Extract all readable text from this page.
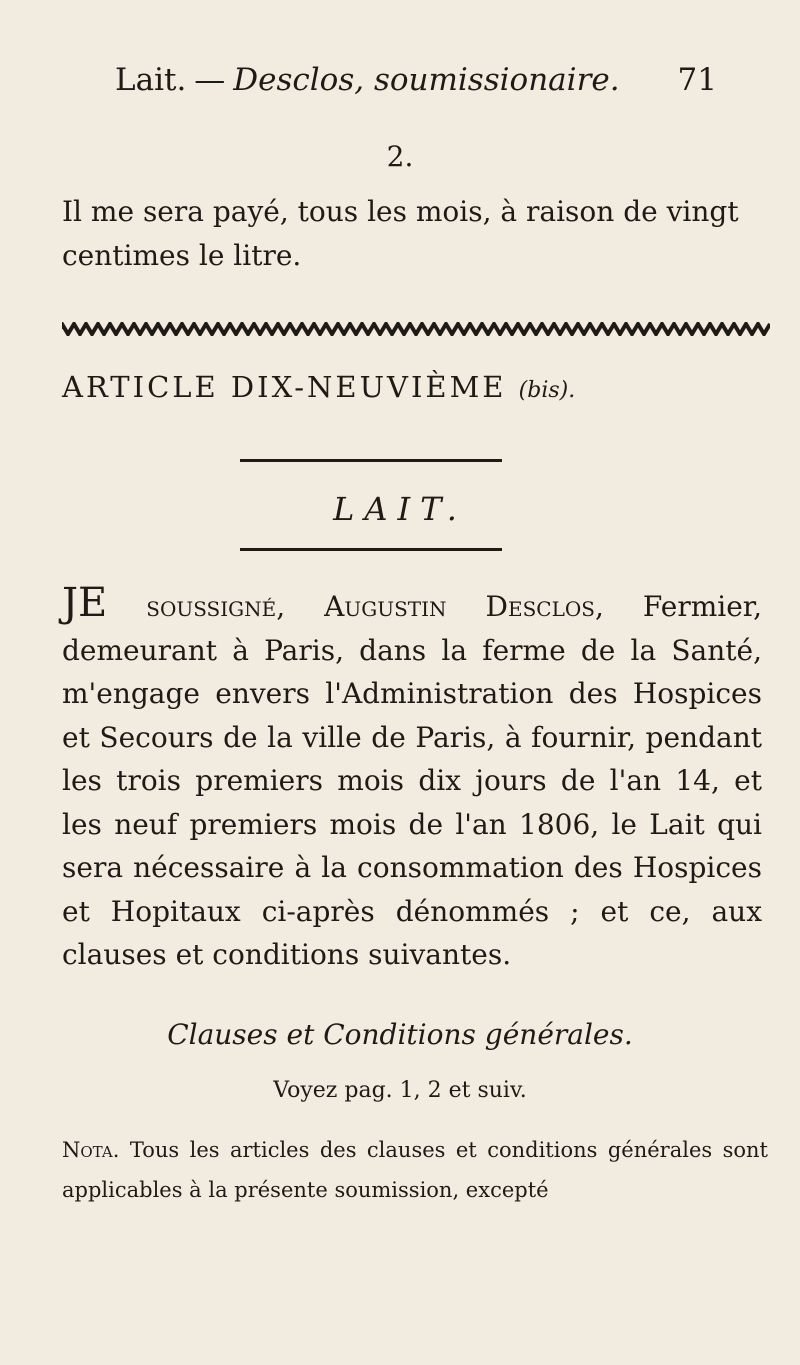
Lait. — Desclos, soumissionaire. 71
2.

Il me sera payé, tous les mois, à raison de vingt centimes le litre.

ARTICLE DIX-NEUVIÈME (bis).
LAIT.

JE soussigné, Augustin Desclos, Fermier, demeurant à Paris, dans la ferme de la Santé, m'engage envers l'Administration des Hospices et Secours de la ville de Paris, à fournir, pendant les trois premiers mois dix jours de l'an 14, et les neuf premiers mois de l'an 1806, le Lait qui sera nécessaire à la consommation des Hospices et Hopitaux ci-après dénommés ; et ce, aux clauses et conditions suivantes.

Clauses et Conditions générales.
Voyez pag. 1, 2 et suiv.

Nota. Tous les articles des clauses et conditions générales sont applicables à la présente soumission, excepté
